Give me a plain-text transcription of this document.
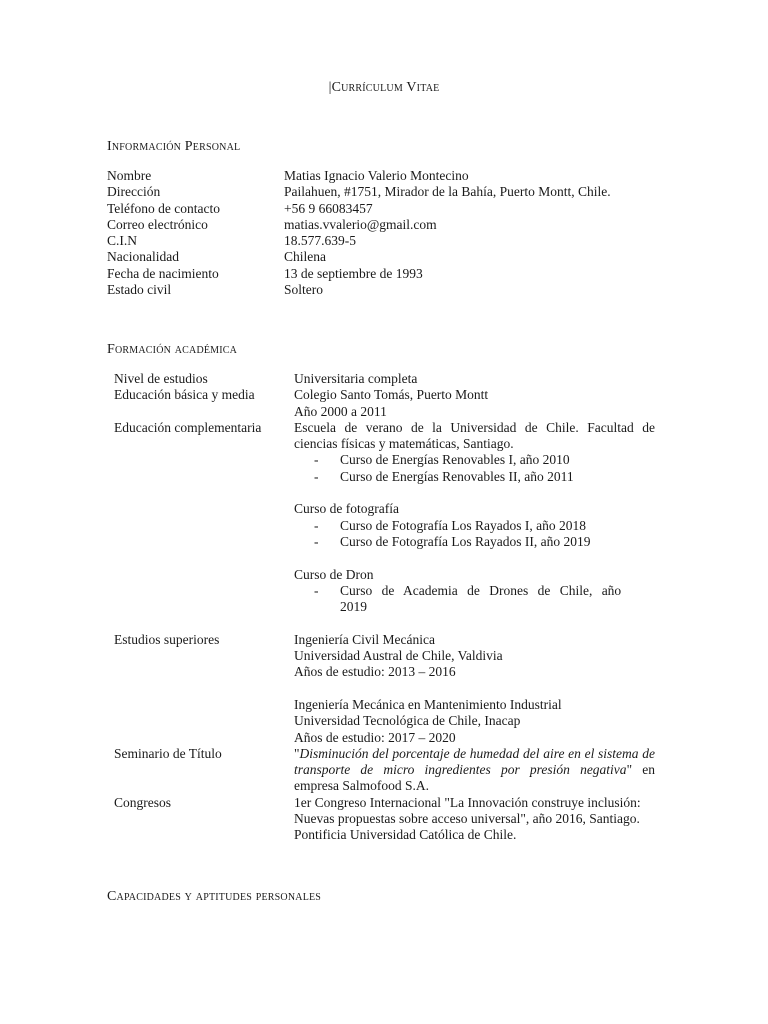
|Currículum Vitae
Información Personal
Nombre	Matias Ignacio Valerio Montecino
Dirección	Pailahuen, #1751, Mirador de la Bahía, Puerto Montt, Chile.
Teléfono de contacto	+56 9 66083457
Correo electrónico	matias.vvalerio@gmail.com
C.I.N	18.577.639-5
Nacionalidad	Chilena
Fecha de nacimiento	13 de septiembre de 1993
Estado civil	Soltero
Formación académica
Nivel de estudios	Universitaria completa
Educación básica y media	Colegio Santo Tomás, Puerto Montt
Año 2000 a 2011
Educación complementaria	Escuela de verano de la Universidad de Chile. Facultad de ciencias físicas y matemáticas, Santiago.
-	Curso de Energías Renovables I, año 2010
-	Curso de Energías Renovables II, año 2011
Curso de fotografía
-	Curso de Fotografía Los Rayados I, año 2018
-	Curso de Fotografía Los Rayados II, año 2019
Curso de Dron
-	Curso de Academia de Drones de Chile, año 2019
Estudios superiores	Ingeniería Civil Mecánica
Universidad Austral de Chile, Valdivia
Años de estudio: 2013 – 2016
Ingeniería Mecánica en Mantenimiento Industrial
Universidad Tecnológica de Chile, Inacap
Años de estudio: 2017 – 2020
Seminario de Título	"Disminución del porcentaje de humedad del aire en el sistema de transporte de micro ingredientes por presión negativa" en empresa Salmofood S.A.
Congresos	1er Congreso Internacional "La Innovación construye inclusión: Nuevas propuestas sobre acceso universal", año 2016, Santiago. Pontificia Universidad Católica de Chile.
Capacidades y aptitudes personales
